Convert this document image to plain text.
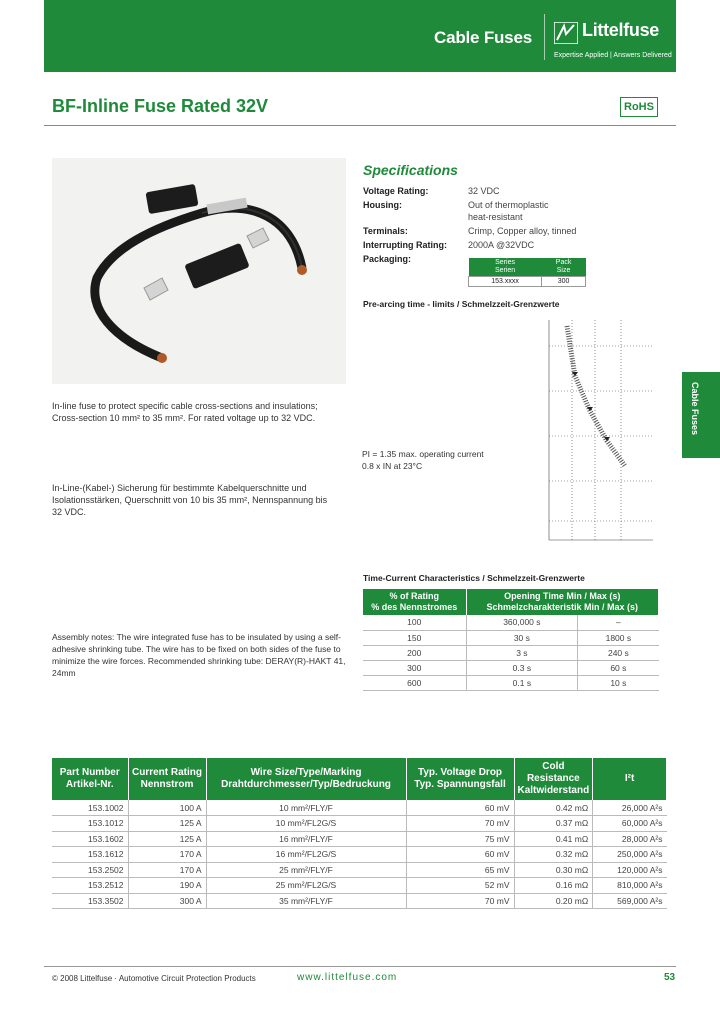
Cable Fuses	Littelfuse
Expertise Applied | Answers Delivered
BF-Inline Fuse Rated 32V	RoHS
Specifications
Voltage Rating:	32 VDC
Housing:	Out of thermoplastic
heat-resistant
Terminals:	Crimp, Copper alloy, tinned
Interrupting Rating: 2000A @32VDC
Packaging:	Series
Serien	Pack
Size
153.xxxx	300
Pre-arcing time - limits / Schmelzzeit-Grenzwerte
Cable Fuses
In-line fuse to protect specific cable cross-sections and insulations; Cross-section 10 mm² to 35 mm². For rated voltage up to 32 VDC.
In-Line-(Kabel-) Sicherung für bestimmte Kabelquerschnitte und Isolationsstärken, Querschnitt von 10 bis 35 mm², Nennspannung bis 32 VDC.
PI = 1.35 max. operating current
0.8 x IN at 23°C
Time-Current Characteristics / Schmelzzeit-Grenzwerte
% of Rating
% des Nennstromes	Opening Time Min / Max (s)
Schmelzcharakteristik Min / Max (s)	
100	360,000 s	–
150	30 s	1800 s
200	3 s	240 s
300	0.3 s	60 s
600	0.1 s	10 s
Assembly notes: The wire integrated fuse has to be insulated by using a self-adhesive shrinking tube. The wire has to be fixed on both sides of the fuse to minimize the wire forces. Recommended shrinking tube: DERAY(R)-HAKT 41, 24mm
Part Number
Artikel-Nr.	Current Rating
Nennstrom	Wire Size/Type/Marking
Drahtdurchmesser/Typ/Bedruckung	Typ. Voltage Drop
Typ. Spannungsfall	Cold Resistance
Kaltwiderstand	I²t
153.1002	100 A	10 mm²/FLY/F	60 mV	0.42 mΩ	26,000 A²s
153.1012	125 A	10 mm²/FL2G/S	70 mV	0.37 mΩ	60,000 A²s
153.1602	125 A	16 mm²/FLY/F	75 mV	0.41 mΩ	28,000 A²s
153.1612	170 A	16 mm²/FL2G/S	60 mV	0.32 mΩ	250,000 A²s
153.2502	170 A	25 mm²/FLY/F	65 mV	0.30 mΩ	120,000 A²s
153.2512	190 A	25 mm²/FL2G/S	52 mV	0.16 mΩ	810,000 A²s
153.3502	300 A	35 mm²/FLY/F	70 mV	0.20 mΩ	569,000 A²s
© 2008 Littelfuse · Automotive Circuit Protection Products	www.littelfuse.com	53
